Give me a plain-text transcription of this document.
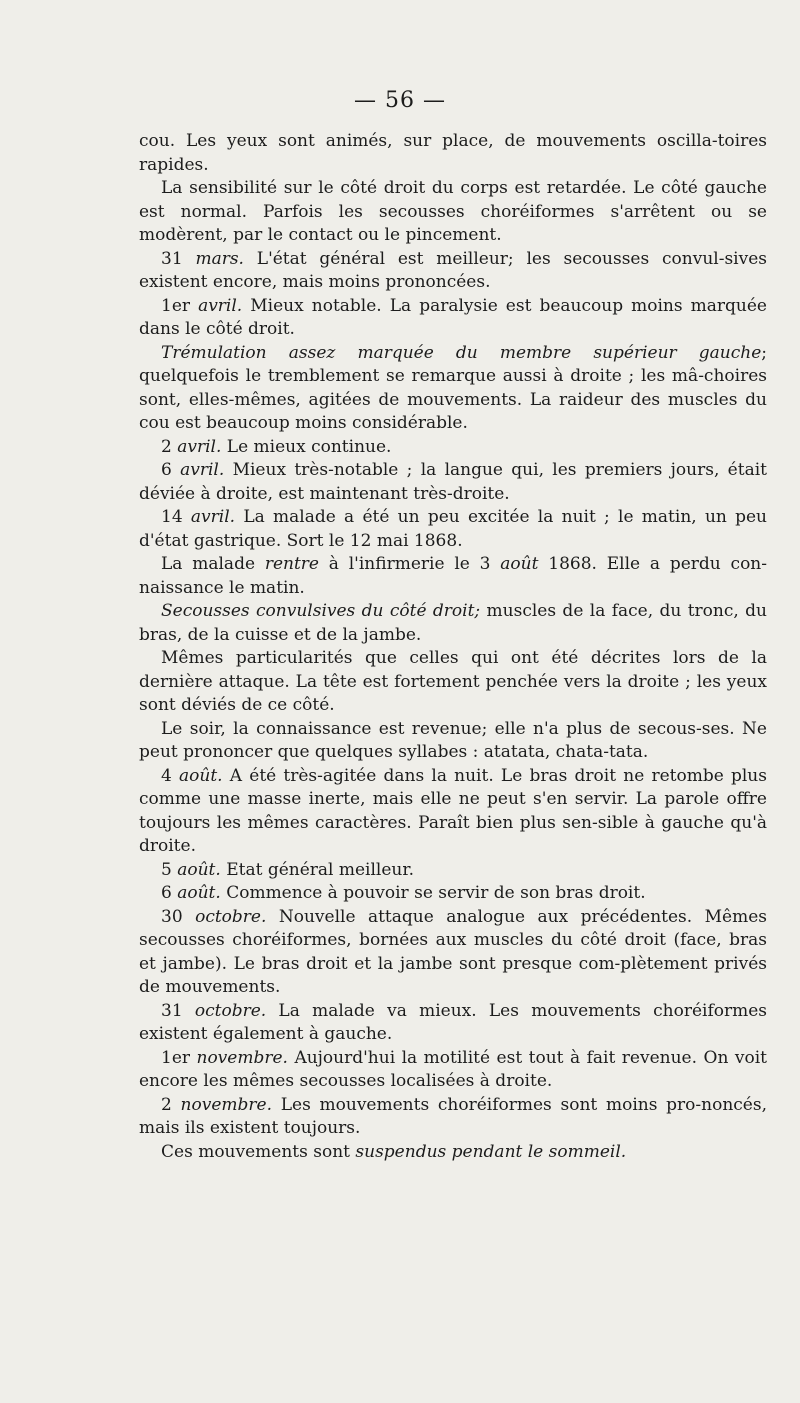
— 56 —

cou. Les yeux sont animés, sur place, de mouvements oscilla-toires rapides.

La sensibilité sur le côté droit du corps est retardée. Le côté gauche est normal. Parfois les secousses choréiformes s'arrêtent ou se modèrent, par le contact ou le pincement.

31 mars. L'état général est meilleur; les secousses convul-sives existent encore, mais moins prononcées.

1er avril. Mieux notable. La paralysie est beaucoup moins marquée dans le côté droit.

Trémulation assez marquée du membre supérieur gauche; quelquefois le tremblement se remarque aussi à droite ; les mâ-choires sont, elles-mêmes, agitées de mouvements. La raideur des muscles du cou est beaucoup moins considérable.

2 avril. Le mieux continue.

6 avril. Mieux très-notable ; la langue qui, les premiers jours, était déviée à droite, est maintenant très-droite.

14 avril. La malade a été un peu excitée la nuit ; le matin, un peu d'état gastrique. Sort le 12 mai 1868.

La malade rentre à l'infirmerie le 3 août 1868. Elle a perdu con-naissance le matin.

Secousses convulsives du côté droit; muscles de la face, du tronc, du bras, de la cuisse et de la jambe.

Mêmes particularités que celles qui ont été décrites lors de la dernière attaque. La tête est fortement penchée vers la droite ; les yeux sont déviés de ce côté.

Le soir, la connaissance est revenue; elle n'a plus de secous-ses. Ne peut prononcer que quelques syllabes : atatata, chata-tata.

4 août. A été très-agitée dans la nuit. Le bras droit ne retombe plus comme une masse inerte, mais elle ne peut s'en servir. La parole offre toujours les mêmes caractères. Paraît bien plus sen-sible à gauche qu'à droite.

5 août. Etat général meilleur.

6 août. Commence à pouvoir se servir de son bras droit.

30 octobre. Nouvelle attaque analogue aux précédentes. Mêmes secousses choréiformes, bornées aux muscles du côté droit (face, bras et jambe). Le bras droit et la jambe sont presque com-plètement privés de mouvements.

31 octobre. La malade va mieux. Les mouvements choréiformes existent également à gauche.

1er novembre. Aujourd'hui la motilité est tout à fait revenue. On voit encore les mêmes secousses localisées à droite.

2 novembre. Les mouvements choréiformes sont moins pro-noncés, mais ils existent toujours.

Ces mouvements sont suspendus pendant le sommeil.
